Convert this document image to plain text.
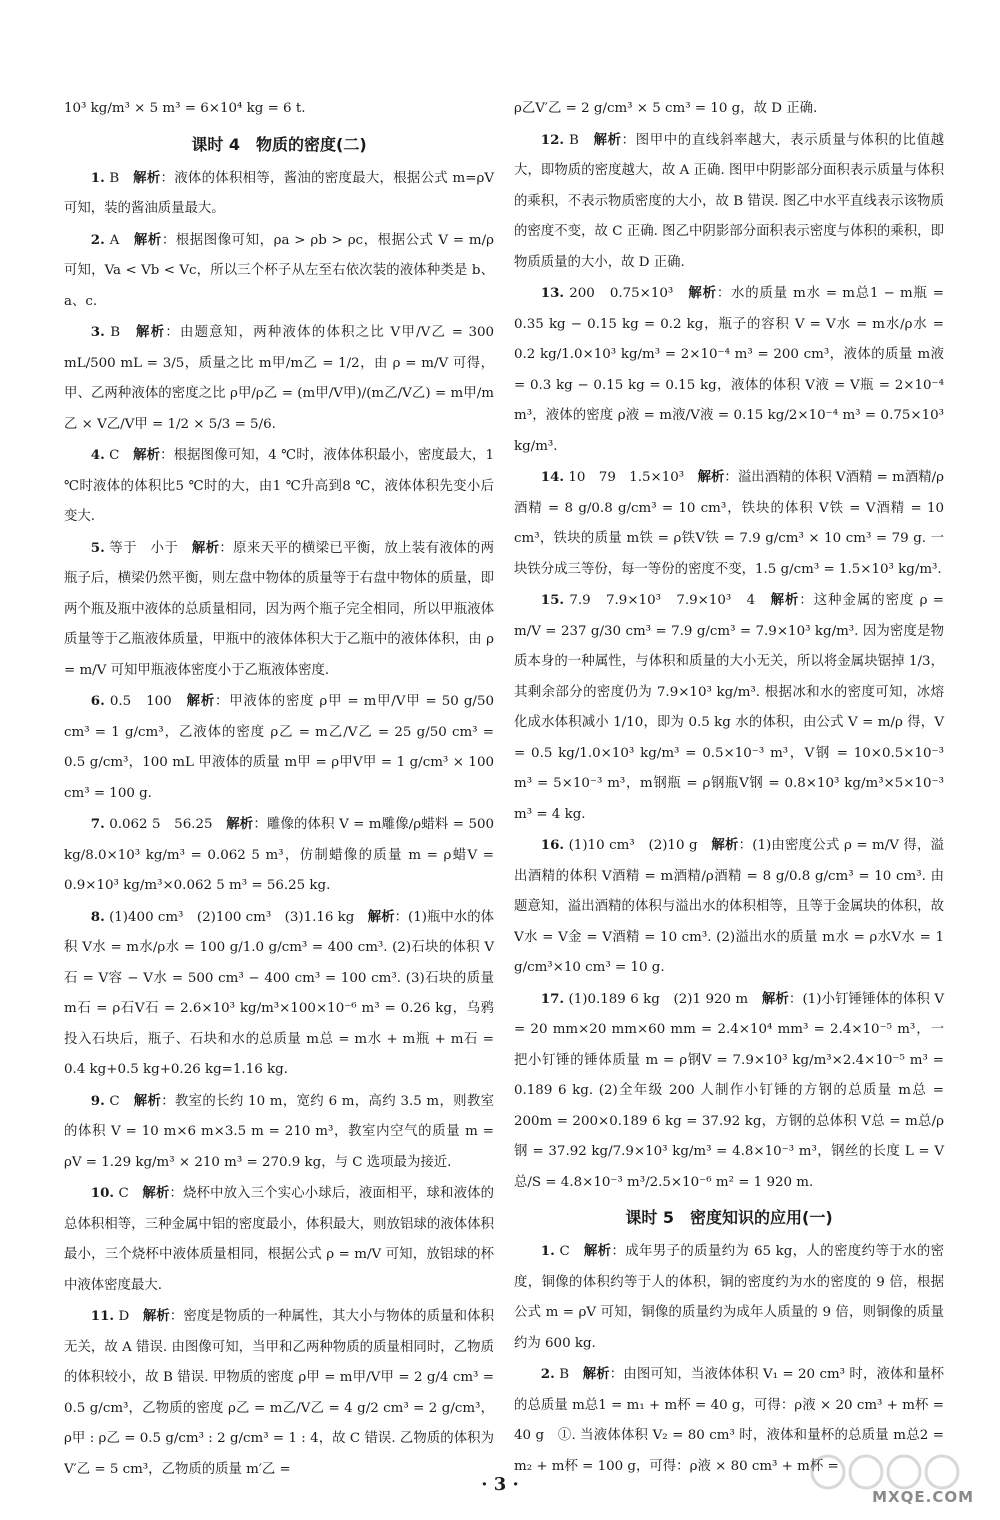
10³ kg/m³ × 5 m³ = 6×10⁴ kg = 6 t.

课时 4　物质的密度(二)

1. B　 解析：液体的体积相等，酱油的密度最大，根据公式 m=ρV 可知，装的酱油质量最大。

2. A　 解析：根据图像可知，ρa > ρb > ρc，根据公式 V = m/ρ 可知，Va < Vb < Vc，所以三个杯子从左至右依次装的液体种类是 b、a、c.

3. B　 解析：由题意知，两种液体的体积之比 V甲/V乙 = 300 mL/500 mL = 3/5，质量之比 m甲/m乙 = 1/2，由 ρ = m/V 可得，甲、乙两种液体的密度之比 ρ甲/ρ乙 = (m甲/V甲)/(m乙/V乙) = m甲/m乙 × V乙/V甲 = 1/2 × 5/3 = 5/6.

4. C　 解析：根据图像可知，4 ℃时，液体体积最小，密度最大，1 ℃时液体的体积比5 ℃时的大，由1 ℃升高到8 ℃，液体体积先变小后变大.

5. 等于　小于　 解析：原来天平的横梁已平衡，放上装有液体的两瓶子后，横梁仍然平衡，则左盘中物体的质量等于右盘中物体的质量，即两个瓶及瓶中液体的总质量相同，因为两个瓶子完全相同，所以甲瓶液体质量等于乙瓶液体质量，甲瓶中的液体体积大于乙瓶中的液体体积，由 ρ = m/V 可知甲瓶液体密度小于乙瓶液体密度.

6. 0.5　100　 解析：甲液体的密度 ρ甲 = m甲/V甲 = 50 g/50 cm³ = 1 g/cm³，乙液体的密度 ρ乙 = m乙/V乙 = 25 g/50 cm³ = 0.5 g/cm³，100 mL 甲液体的质量 m甲 = ρ甲V甲 = 1 g/cm³ × 100 cm³ = 100 g.

7. 0.062 5　56.25　 解析：雕像的体积 V = m雕像/ρ蜡料 = 500 kg/8.0×10³ kg/m³ = 0.062 5 m³，仿制蜡像的质量 m = ρ蜡V = 0.9×10³ kg/m³×0.062 5 m³ = 56.25 kg.

8. (1)400 cm³　(2)100 cm³　(3)1.16 kg　 解析：(1)瓶中水的体积 V水 = m水/ρ水 = 100 g/1.0 g/cm³ = 400 cm³. (2)石块的体积 V石 = V容 − V水 = 500 cm³ − 400 cm³ = 100 cm³. (3)石块的质量 m石 = ρ石V石 = 2.6×10³ kg/m³×100×10⁻⁶ m³ = 0.26 kg，乌鸦投入石块后，瓶子、石块和水的总质量 m总 = m水 + m瓶 + m石 = 0.4 kg+0.5 kg+0.26 kg=1.16 kg.

9. C　 解析：教室的长约 10 m，宽约 6 m，高约 3.5 m，则教室的体积 V = 10 m×6 m×3.5 m = 210 m³，教室内空气的质量 m = ρV = 1.29 kg/m³ × 210 m³ = 270.9 kg，与 C 选项最为接近.

10. C　 解析：烧杯中放入三个实心小球后，液面相平，球和液体的总体积相等，三种金属中铝的密度最小，体积最大，则放铝球的液体体积最小，三个烧杯中液体质量相同，根据公式 ρ = m/V 可知，放铝球的杯中液体密度最大.

11. D　 解析：密度是物质的一种属性，其大小与物体的质量和体积无关，故 A 错误. 由图像可知，当甲和乙两种物质的质量相同时，乙物质的体积较小，故 B 错误. 甲物质的密度 ρ甲 = m甲/V甲 = 2 g/4 cm³ = 0.5 g/cm³，乙物质的密度 ρ乙 = m乙/V乙 = 4 g/2 cm³ = 2 g/cm³，ρ甲 : ρ乙 = 0.5 g/cm³ : 2 g/cm³ = 1 : 4，故 C 错误. 乙物质的体积为 V′乙 = 5 cm³，乙物质的质量 m′乙 =

ρ乙V′乙 = 2 g/cm³ × 5 cm³ = 10 g，故 D 正确.

12. B　 解析：图甲中的直线斜率越大，表示质量与体积的比值越大，即物质的密度越大，故 A 正确. 图甲中阴影部分面积表示质量与体积的乘积，不表示物质密度的大小，故 B 错误. 图乙中水平直线表示该物质的密度不变，故 C 正确. 图乙中阴影部分面积表示密度与体积的乘积，即物质质量的大小，故 D 正确.

13. 200　0.75×10³　 解析：水的质量 m水 = m总1 − m瓶 = 0.35 kg − 0.15 kg = 0.2 kg，瓶子的容积 V = V水 = m水/ρ水 = 0.2 kg/1.0×10³ kg/m³ = 2×10⁻⁴ m³ = 200 cm³，液体的质量 m液 = 0.3 kg − 0.15 kg = 0.15 kg，液体的体积 V液 = V瓶 = 2×10⁻⁴ m³，液体的密度 ρ液 = m液/V液 = 0.15 kg/2×10⁻⁴ m³ = 0.75×10³ kg/m³.

14. 10　79　1.5×10³　 解析：溢出酒精的体积 V酒精 = m酒精/ρ酒精 = 8 g/0.8 g/cm³ = 10 cm³，铁块的体积 V铁 = V酒精 = 10 cm³，铁块的质量 m铁 = ρ铁V铁 = 7.9 g/cm³ × 10 cm³ = 79 g. 一块铁分成三等份，每一等份的密度不变，1.5 g/cm³ = 1.5×10³ kg/m³.

15. 7.9　7.9×10³　7.9×10³　4　 解析：这种金属的密度 ρ = m/V = 237 g/30 cm³ = 7.9 g/cm³ = 7.9×10³ kg/m³. 因为密度是物质本身的一种属性，与体积和质量的大小无关，所以将金属块锯掉 1/3，其剩余部分的密度仍为 7.9×10³ kg/m³. 根据冰和水的密度可知，冰熔化成水体积减小 1/10，即为 0.5 kg 水的体积，由公式 V = m/ρ 得，V = 0.5 kg/1.0×10³ kg/m³ = 0.5×10⁻³ m³，V钢 = 10×0.5×10⁻³ m³ = 5×10⁻³ m³，m钢瓶 = ρ钢瓶V钢 = 0.8×10³ kg/m³×5×10⁻³ m³ = 4 kg.

16. (1)10 cm³　(2)10 g　 解析：(1)由密度公式 ρ = m/V 得，溢出酒精的体积 V酒精 = m酒精/ρ酒精 = 8 g/0.8 g/cm³ = 10 cm³. 由题意知，溢出酒精的体积与溢出水的体积相等，且等于金属块的体积，故 V水 = V金 = V酒精 = 10 cm³. (2)溢出水的质量 m水 = ρ水V水 = 1 g/cm³×10 cm³ = 10 g.

17. (1)0.189 6 kg　(2)1 920 m　 解析：(1)小钉锤锤体的体积 V = 20 mm×20 mm×60 mm = 2.4×10⁴ mm³ = 2.4×10⁻⁵ m³，一把小钉锤的锤体质量 m = ρ钢V = 7.9×10³ kg/m³×2.4×10⁻⁵ m³ = 0.189 6 kg. (2)全年级 200 人制作小钉锤的方钢的总质量 m总 = 200m = 200×0.189 6 kg = 37.92 kg，方钢的总体积 V总 = m总/ρ钢 = 37.92 kg/7.9×10³ kg/m³ = 4.8×10⁻³ m³，钢丝的长度 L = V总/S = 4.8×10⁻³ m³/2.5×10⁻⁶ m² = 1 920 m.

课时 5　密度知识的应用(一)

1. C　 解析：成年男子的质量约为 65 kg，人的密度约等于水的密度，铜像的体积约等于人的体积，铜的密度约为水的密度的 9 倍，根据公式 m = ρV 可知，铜像的质量约为成年人质量的 9 倍，则铜像的质量约为 600 kg.

2. B　 解析：由图可知，当液体体积 V₁ = 20 cm³ 时，液体和量杯的总质量 m总1 = m₁ + m杯 = 40 g，可得：ρ液 × 20 cm³ + m杯 = 40 g　①. 当液体体积 V₂ = 80 cm³ 时，液体和量杯的总质量 m总2 = m₂ + m杯 = 100 g，可得：ρ液 × 80 cm³ + m杯 =

· 3 ·
MXQE.COM
